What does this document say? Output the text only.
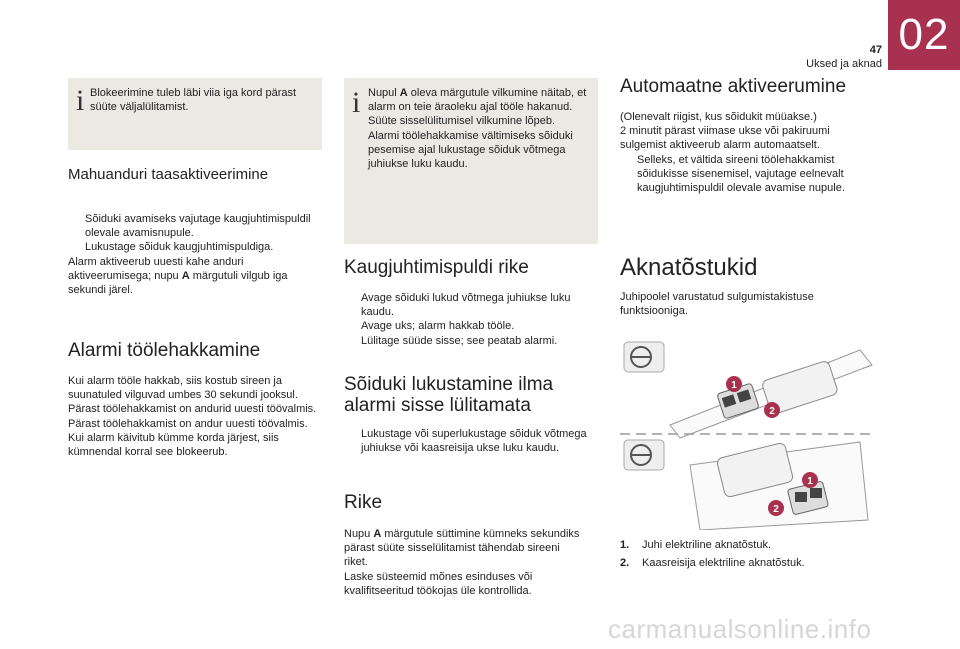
02
47
Uksed ja aknad
i Blokeerimine tuleb läbi viia iga kord pärast süüte väljalülitamist.
Mahuanduri taasaktiveerimine
Sõiduki avamiseks vajutage kaugjuhtimispuldil olevale avamisnupule.
Lukustage sõiduk kaugjuhtimispuldiga.
Alarm aktiveerub uuesti kahe anduri aktiveerumisega; nupu A märgutuli vilgub iga sekundi järel.
Alarmi töölehakkamine
Kui alarm tööle hakkab, siis kostub sireen ja suunatuled vilguvad umbes 30 sekundi jooksul.
Pärast töölehakkamist on andurid uuesti töövalmis.
Pärast töölehakkamist on andur uuesti töövalmis.
Kui alarm käivitub kümme korda järjest, siis kümnendal korral see blokeerub.
i Nupul A oleva märgutule vilkumine näitab, et alarm on teie äraoleku ajal tööle hakanud. Süüte sisselülitumisel vilkumine lõpeb.
Alarmi töölehakkamise vältimiseks sõiduki pesemise ajal lukustage sõiduk võtmega juhiukse luku kaudu.
Kaugjuhtimispuldi rike
Avage sõiduki lukud võtmega juhiukse luku kaudu.
Avage uks; alarm hakkab tööle.
Lülitage süüde sisse; see peatab alarmi.
Sõiduki lukustamine ilma alarmi sisse lülitamata
Lukustage või superlukustage sõiduk võtmega juhiukse või kaasreisija ukse luku kaudu.
Rike
Nupu A märgutule süttimine kümneks sekundiks pärast süüte sisselülitamist tähendab sireeni riket.
Laske süsteemid mõnes esinduses või kvalifitseeritud töökojas üle kontrollida.
Automaatne aktiveerumine
(Olenevalt riigist, kus sõidukit müüakse.)
2 minutit pärast viimase ukse või pakiruumi sulgemist aktiveerub alarm automaatselt.
Selleks, et vältida sireeni töölehakkamist sõidukisse sisenemisel, vajutage eelnevalt kaugjuhtimispuldil olevale avamise nupule.
Aknatõstukid
Juhipoolel varustatud sulgumistakistuse funktsiooniga.
1
2
1
2
1. Juhi elektriline aknatõstuk.
2. Kaasreisija elektriline aknatõstuk.
carmanualsonline.info
